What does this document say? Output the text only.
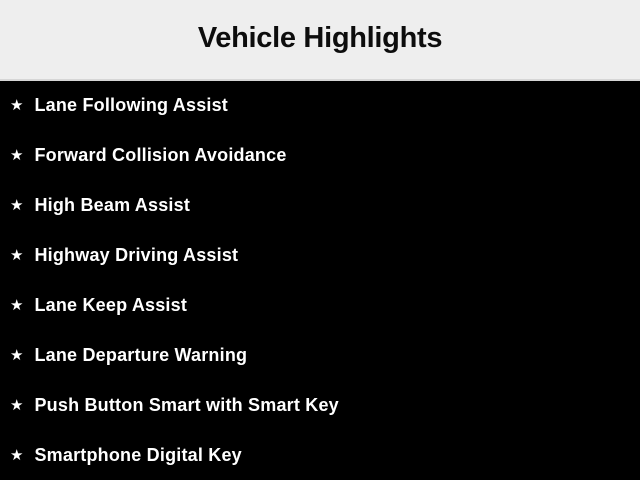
Vehicle Highlights
★ Lane Following Assist
★ Forward Collision Avoidance
★ High Beam Assist
★ Highway Driving Assist
★ Lane Keep Assist
★ Lane Departure Warning
★ Push Button Smart with Smart Key
★ Smartphone Digital Key
